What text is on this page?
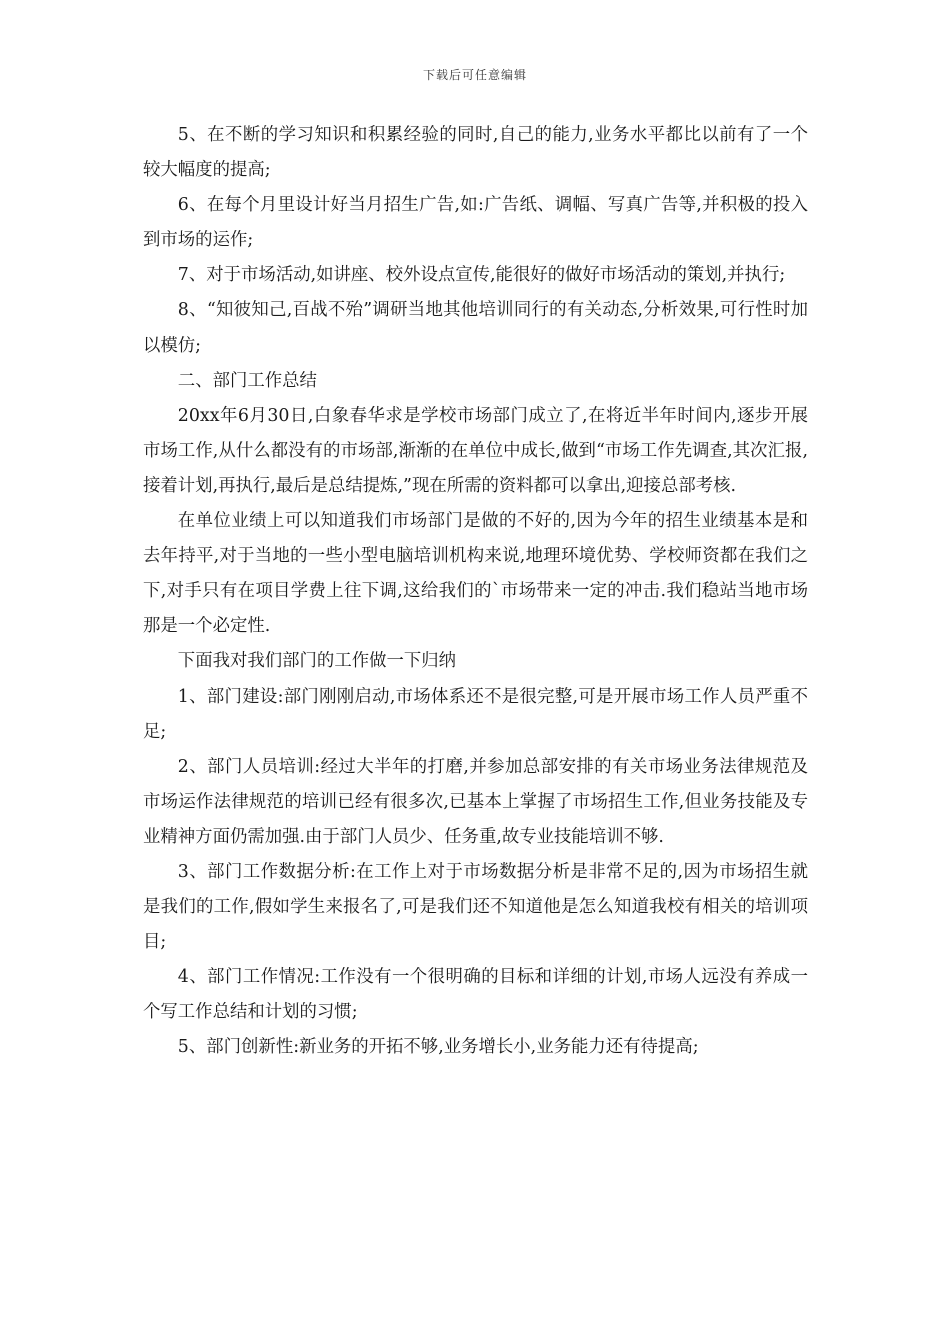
下载后可任意编辑

5、在不断的学习知识和积累经验的同时,自己的能力,业务水平都比以前有了一个较大幅度的提高;

6、在每个月里设计好当月招生广告,如:广告纸、调幅、写真广告等,并积极的投入到市场的运作;

7、对于市场活动,如讲座、校外设点宣传,能很好的做好市场活动的策划,并执行;

8、“知彼知己,百战不殆”调研当地其他培训同行的有关动态,分析效果,可行性时加以模仿;

二、部门工作总结

20xx年6月30日,白象春华求是学校市场部门成立了,在将近半年时间内,逐步开展市场工作,从什么都没有的市场部,渐渐的在单位中成长,做到“市场工作先调查,其次汇报,接着计划,再执行,最后是总结提炼,”现在所需的资料都可以拿出,迎接总部考核.

在单位业绩上可以知道我们市场部门是做的不好的,因为今年的招生业绩基本是和去年持平,对于当地的一些小型电脑培训机构来说,地理环境优势、学校师资都在我们之下,对手只有在项目学费上往下调,这给我们的`市场带来一定的冲击.我们稳站当地市场那是一个必定性.

下面我对我们部门的工作做一下归纳

1、部门建设:部门刚刚启动,市场体系还不是很完整,可是开展市场工作人员严重不足;

2、部门人员培训:经过大半年的打磨,并参加总部安排的有关市场业务法律规范及市场运作法律规范的培训已经有很多次,已基本上掌握了市场招生工作,但业务技能及专业精神方面仍需加强.由于部门人员少、任务重,故专业技能培训不够.

3、部门工作数据分析:在工作上对于市场数据分析是非常不足的,因为市场招生就是我们的工作,假如学生来报名了,可是我们还不知道他是怎么知道我校有相关的培训项目;

4、部门工作情况:工作没有一个很明确的目标和详细的计划,市场人远没有养成一个写工作总结和计划的习惯;

5、部门创新性:新业务的开拓不够,业务增长小,业务能力还有待提高;
